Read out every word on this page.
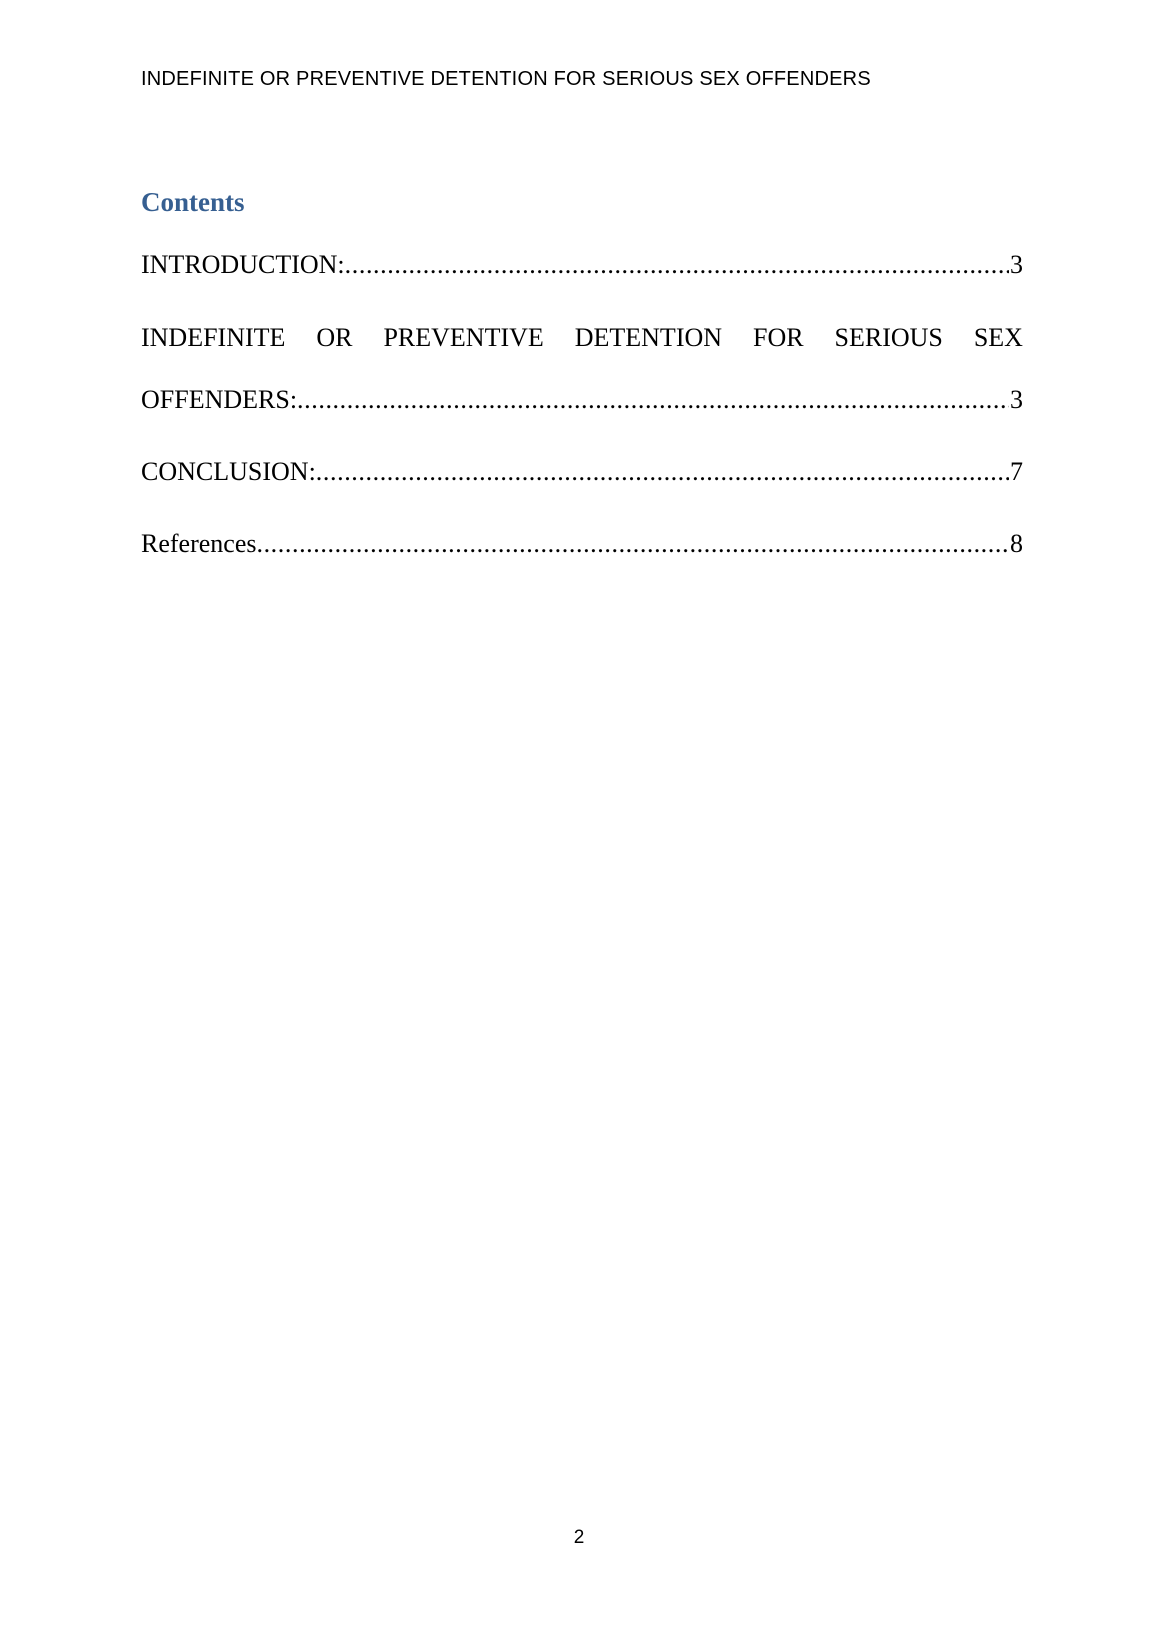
INDEFINITE OR PREVENTIVE DETENTION FOR SERIOUS SEX OFFENDERS
Contents
INTRODUCTION: .....	3
INDEFINITE OR PREVENTIVE DETENTION FOR SERIOUS SEX
OFFENDERS: .....	3
CONCLUSION: .....	7
References .....	8
2
